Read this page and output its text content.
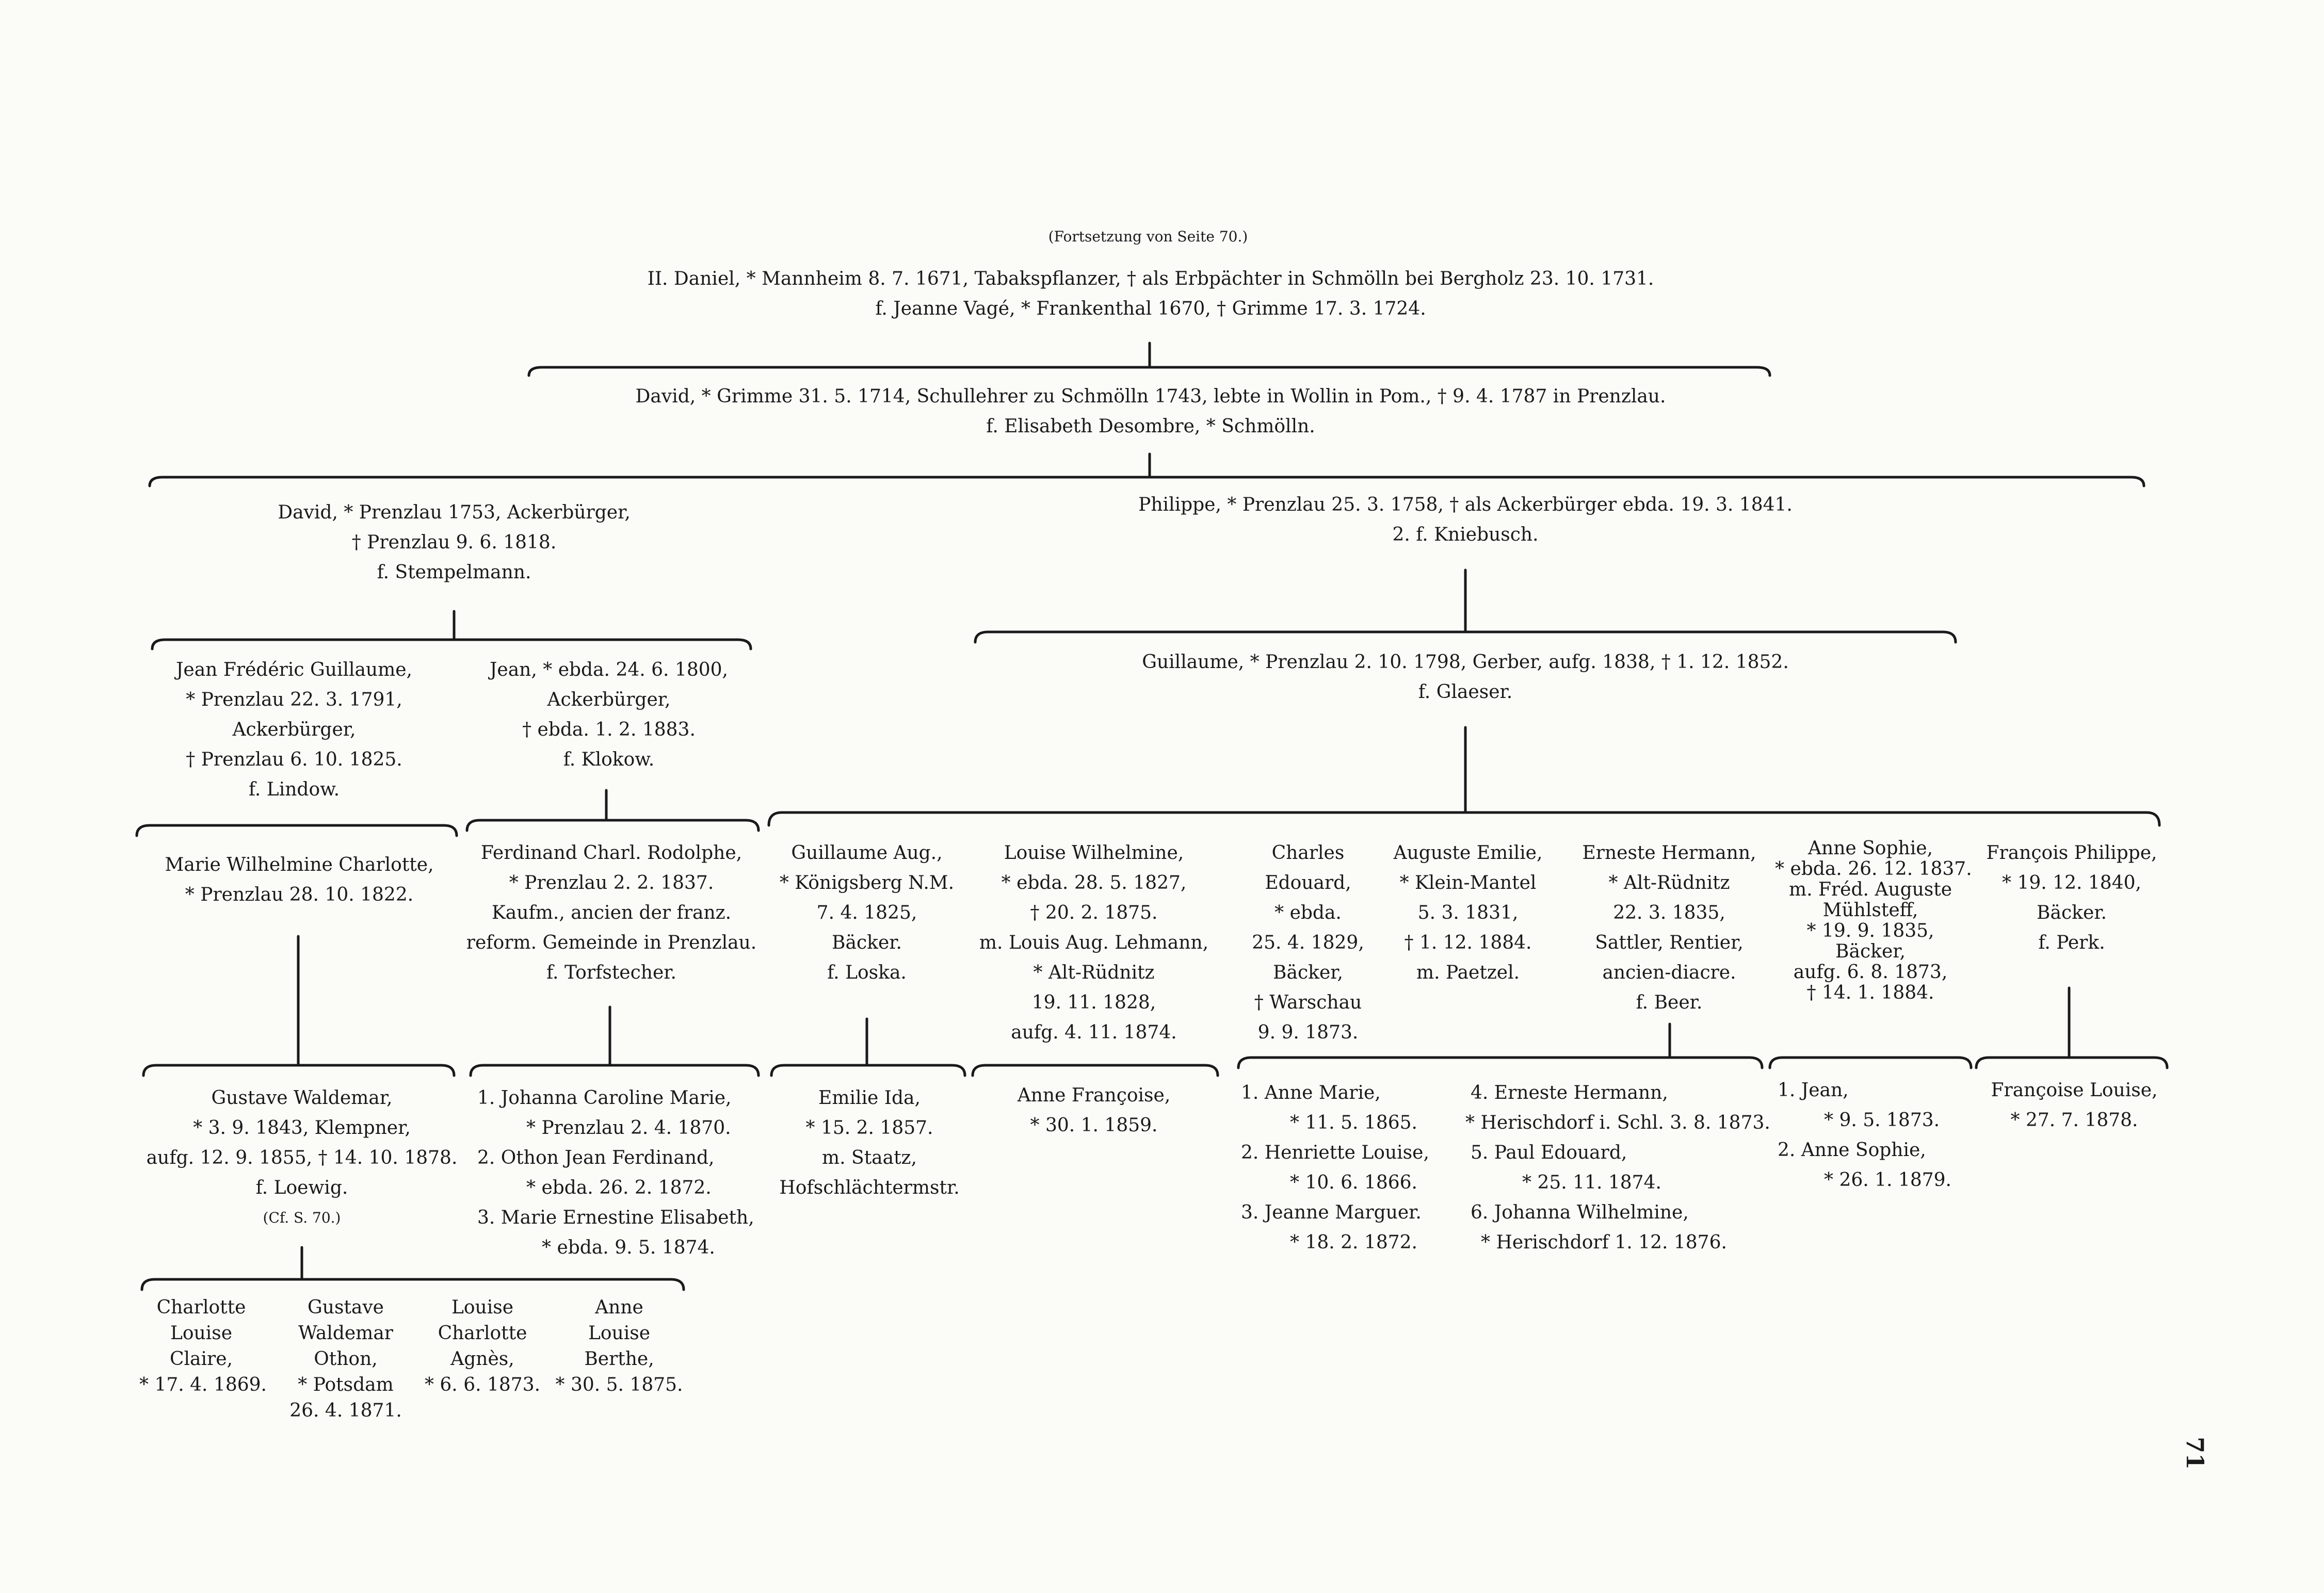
(Fortsetzung von Seite 70.)
II. Daniel, * Mannheim 8. 7. 1671, Tabakspflanzer, † als Erbpächter in Schmölln bei Bergholz 23. 10. 1731.
f. Jeanne Vagé, * Frankenthal 1670, † Grimme 17. 3. 1724.
David, * Grimme 31. 5. 1714, Schullehrer zu Schmölln 1743, lebte in Wollin in Pom., † 9. 4. 1787 in Prenzlau.
f. Elisabeth Desombre, * Schmölln.
David, * Prenzlau 1753, Ackerbürger,
† Prenzlau 9. 6. 1818.
f. Stempelmann.
Philippe, * Prenzlau 25. 3. 1758, † als Ackerbürger ebda. 19. 3. 1841.
2. f. Kniebusch.
Jean Frédéric Guillaume,
* Prenzlau 22. 3. 1791,
Ackerbürger,
† Prenzlau 6. 10. 1825.
f. Lindow.
Jean, * ebda. 24. 6. 1800,
Ackerbürger,
† ebda. 1. 2. 1883.
f. Klokow.
Guillaume, * Prenzlau 2. 10. 1798, Gerber, aufg. 1838, † 1. 12. 1852.
f. Glaeser.
Marie Wilhelmine Charlotte,
* Prenzlau 28. 10. 1822.
Ferdinand Charl. Rodolphe,
* Prenzlau 2. 2. 1837.
Kaufm., ancien der franz.
reform. Gemeinde in Prenzlau.
f. Torfstecher.
Guillaume Aug.,
* Königsberg N.M.
7. 4. 1825,
Bäcker.
f. Loska.
Louise Wilhelmine,
* ebda. 28. 5. 1827,
† 20. 2. 1875.
m. Louis Aug. Lehmann,
* Alt-Rüdnitz
19. 11. 1828,
aufg. 4. 11. 1874.
Charles
Edouard,
* ebda.
25. 4. 1829,
Bäcker,
† Warschau
9. 9. 1873.
Auguste Emilie,
* Klein-Mantel
5. 3. 1831,
† 1. 12. 1884.
m. Paetzel.
Erneste Hermann,
* Alt-Rüdnitz
22. 3. 1835,
Sattler, Rentier,
ancien-diacre.
f. Beer.
Anne Sophie,
* ebda. 26. 12. 1837.
m. Fréd. Auguste
Mühlsteff,
* 19. 9. 1835,
Bäcker,
aufg. 6. 8. 1873,
† 14. 1. 1884.
François Philippe,
* 19. 12. 1840,
Bäcker.
f. Perk.
Gustave Waldemar,
* 3. 9. 1843, Klempner,
aufg. 12. 9. 1855, † 14. 10. 1878.
f. Loewig.
(Cf. S. 70.)
1. Johanna Caroline Marie,
* Prenzlau 2. 4. 1870.
2. Othon Jean Ferdinand,
* ebda. 26. 2. 1872.
3. Marie Ernestine Elisabeth,
* ebda. 9. 5. 1874.
Emilie Ida,
* 15. 2. 1857.
m. Staatz,
Hofschlächtermstr.
Anne Françoise,
* 30. 1. 1859.
1. Anne Marie,
* 11. 5. 1865.
2. Henriette Louise,
* 10. 6. 1866.
3. Jeanne Marguer.
* 18. 2. 1872.
4. Erneste Hermann,
* Herischdorf i. Schl. 3. 8. 1873.
5. Paul Edouard,
* 25. 11. 1874.
6. Johanna Wilhelmine,
* Herischdorf 1. 12. 1876.
1. Jean,
* 9. 5. 1873.
2. Anne Sophie,
* 26. 1. 1879.
Françoise Louise,
* 27. 7. 1878.
Charlotte
Louise
Claire,
* 17. 4. 1869.
Gustave
Waldemar
Othon,
* Potsdam
26. 4. 1871.
Louise
Charlotte
Agnès,
* 6. 6. 1873.
Anne
Louise
Berthe,
* 30. 5. 1875.
71
